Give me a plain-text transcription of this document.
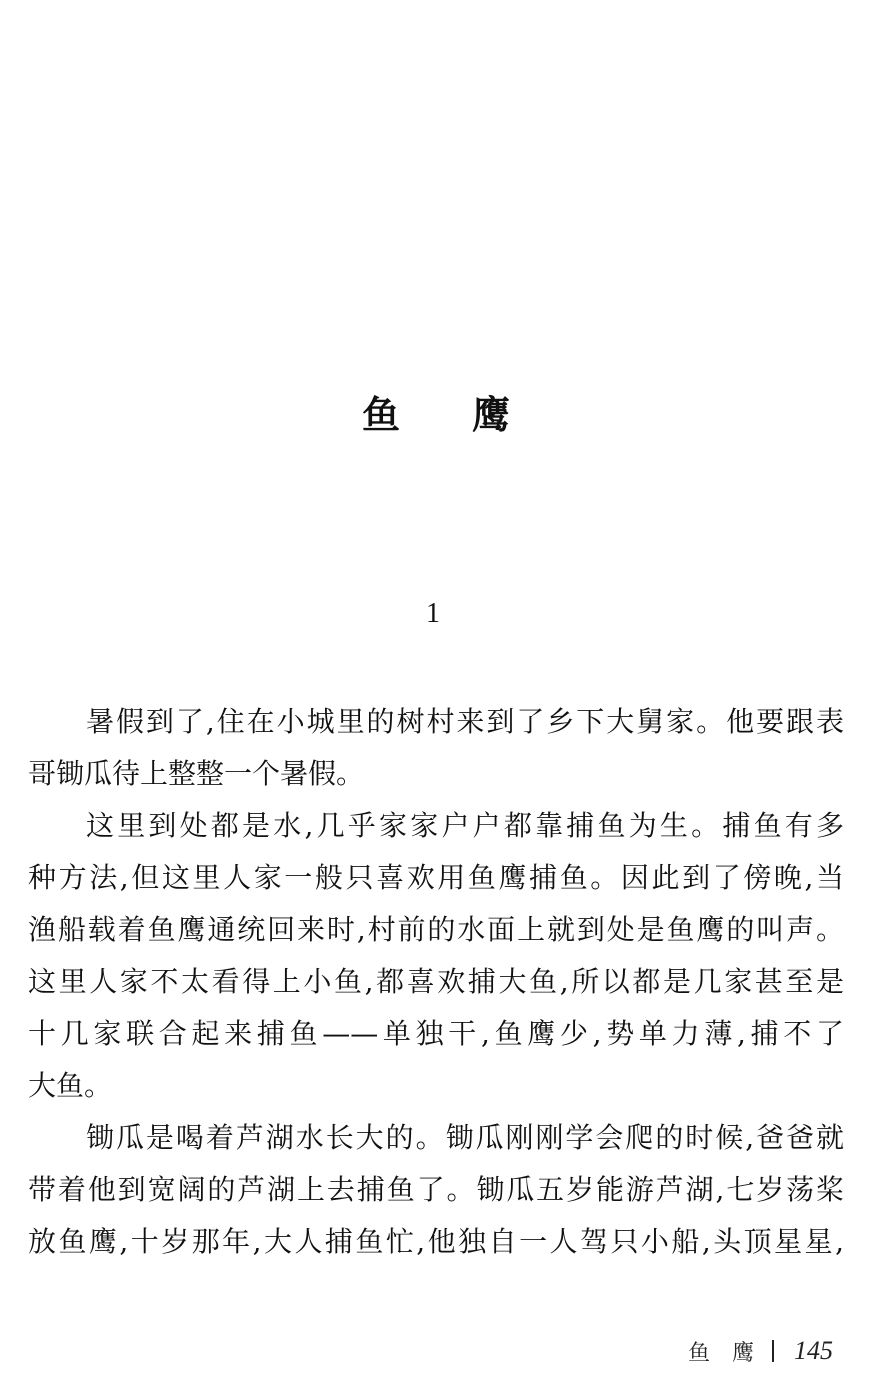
鱼 鹰
1
暑假到了,住在小城里的树村来到了乡下大舅家。他要跟表
哥锄瓜待上整整一个暑假。
这里到处都是水,几乎家家户户都靠捕鱼为生。捕鱼有多
种方法,但这里人家一般只喜欢用鱼鹰捕鱼。因此到了傍晚,当
渔船载着鱼鹰通统回来时,村前的水面上就到处是鱼鹰的叫声。
这里人家不太看得上小鱼,都喜欢捕大鱼,所以都是几家甚至是
十几家联合起来捕鱼——单独干,鱼鹰少,势单力薄,捕不了
大鱼。
锄瓜是喝着芦湖水长大的。锄瓜刚刚学会爬的时候,爸爸就
带着他到宽阔的芦湖上去捕鱼了。锄瓜五岁能游芦湖,七岁荡桨
放鱼鹰,十岁那年,大人捕鱼忙,他独自一人驾只小船,头顶星星,
鱼 鹰 145
